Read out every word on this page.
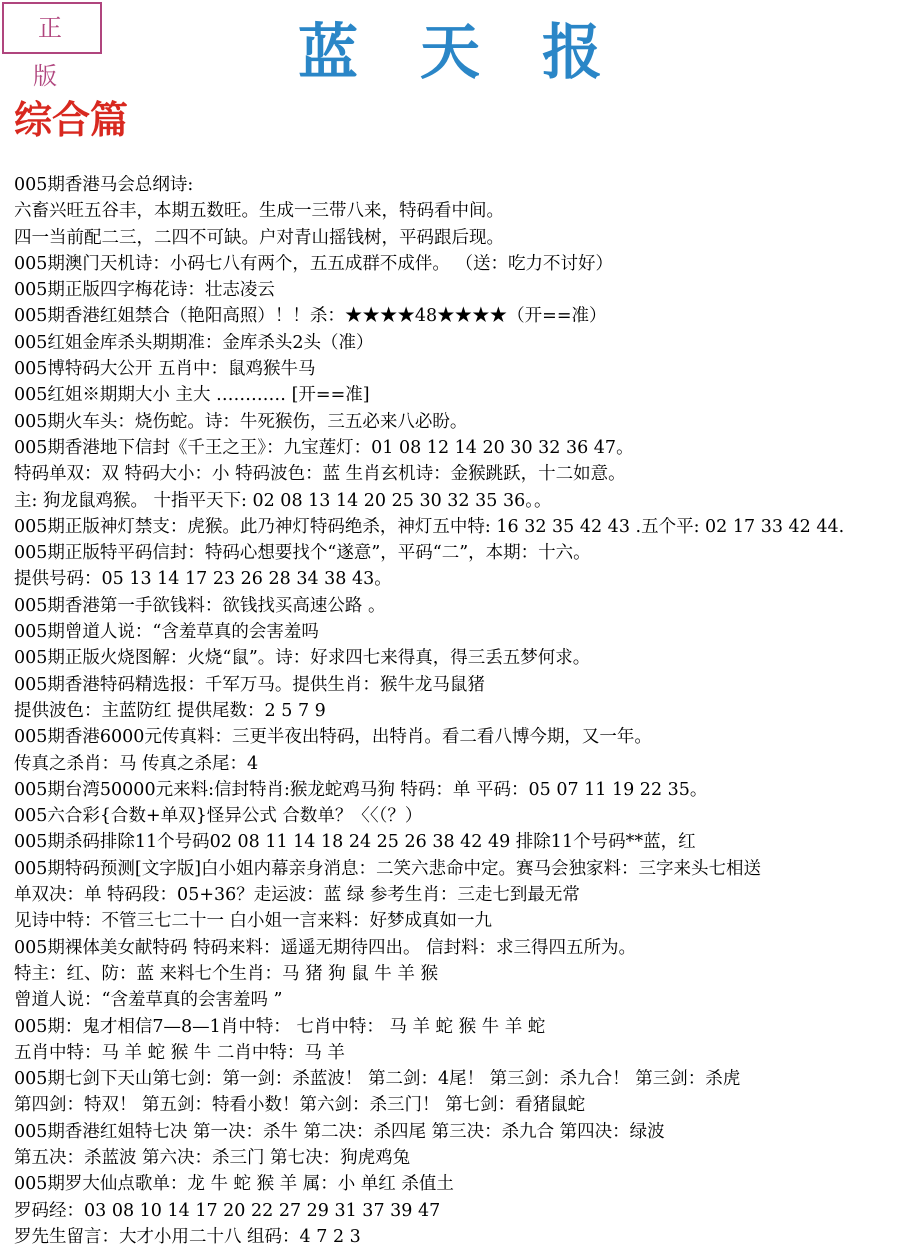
正 版	蓝天报
综合篇
005期香港马会总纲诗:
六畜兴旺五谷丰，本期五数旺。生成一三带八来，特码看中间。
四一当前配二三，二四不可缺。户对青山摇钱树，平码跟后现。
005期澳门天机诗：小码七八有两个，五五成群不成伴。 （送：吃力不讨好）
005期正版四字梅花诗：壮志凌云
005期香港红姐禁合（艳阳高照）！！杀：★★★★48★★★★（开==准）
005红姐金库杀头期期准：金库杀头2头（准）
005博特码大公开 五肖中：鼠鸡猴牛马
005红姐※期期大小 主大 ………… [开==准]
005期火车头：烧伤蛇。诗：牛死猴伤，三五必来八必盼。
005期香港地下信封《千王之王》：九宝莲灯：01 08 12 14 20 30 32 36 47。
特码单双：双 特码大小：小 特码波色：蓝 生肖玄机诗：金猴跳跃，十二如意。
主: 狗龙鼠鸡猴。 十指平天下: 02 08 13 14 20 25 30 32 35 36。。
005期正版神灯禁支：虎猴。此乃神灯特码绝杀，神灯五中特: 16 32 35 42 43 .五个平: 02 17 33 42 44.
005期正版特平码信封：特码心想要找个“遂意”，平码“二”，本期：十六。
提供号码：05 13 14 17 23 26 28 34 38 43。
005期香港第一手欲钱料：欲钱找买高速公路 。
005期曾道人说：“含羞草真的会害羞吗
005期正版火烧图解：火烧“鼠”。诗：好求四七来得真，得三丢五梦何求。
005期香港特码精选报：千军万马。提供生肖：猴牛龙马鼠猪
提供波色：主蓝防红 提供尾数：2 5 7 9
005期香港6000元传真料：三更半夜出特码，出特肖。看二看八博今期，又一年。
传真之杀肖：马 传真之杀尾：4
005期台湾50000元来料:信封特肖:猴龙蛇鸡马狗 特码：单 平码：05 07 11 19 22 35。
005六合彩{合数+单双}怪异公式 合数单？〈〈（？）
005期杀码排除11个号码02 08 11 14 18 24 25 26 38 42 49 排除11个号码**蓝，红
005期特码预测[文字版]白小姐内幕亲身消息：二笑六悲命中定。赛马会独家料：三字来头七相送
单双决：单 特码段：05+36？走运波：蓝 绿 参考生肖：三走七到最无常
见诗中特：不管三七二十一 白小姐一言来料：好梦成真如一九
005期裸体美女献特码 特码来料：遥遥无期待四出。 信封料：求三得四五所为。
特主：红、防：蓝 来料七个生肖：马 猪 狗 鼠 牛 羊 猴
曾道人说：“含羞草真的会害羞吗 ”
005期：鬼才相信7—8—1肖中特： 七肖中特： 马 羊 蛇 猴 牛 羊 蛇
五肖中特：马 羊 蛇 猴 牛 二肖中特：马 羊
005期七剑下天山第七剑：第一剑：杀蓝波！ 第二剑：4尾！ 第三剑：杀九合！ 第三剑：杀虎
第四剑：特双！ 第五剑：特看小数！第六剑：杀三门！ 第七剑：看猪鼠蛇
005期香港红姐特七决 第一决：杀牛 第二决：杀四尾 第三决：杀九合 第四决：绿波
第五决：杀蓝波 第六决：杀三门 第七决：狗虎鸡兔
005期罗大仙点歌单：龙 牛 蛇 猴 羊 属：小 单红 杀值土
罗码经：03 08 10 14 17 20 22 27 29 31 37 39 47
罗先生留言：大才小用二十八 组码：4 7 2 3
